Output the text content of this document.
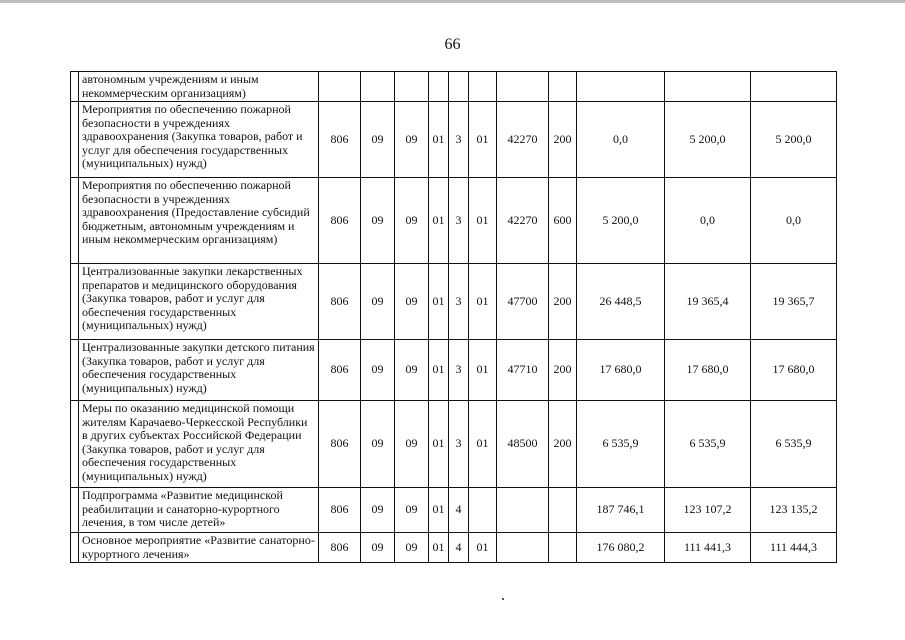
66
	автономным учреждениям и иным некоммерческим организациям)											
	Мероприятия по обеспечению пожарной безопасности в учреждениях здравоохранения (Закупка товаров, работ и услуг для обеспечения государственных (муниципальных) нужд)	806	09	09	01	3	01	42270	200	0,0	5 200,0	5 200,0
	Мероприятия по обеспечению пожарной безопасности в учреждениях здравоохранения (Предоставление субсидий бюджетным, автономным учреждениям и иным некоммерческим организациям)	806	09	09	01	3	01	42270	600	5 200,0	0,0	0,0
	Централизованные закупки лекарственных препаратов и медицинского оборудования (Закупка товаров, работ и услуг для обеспечения государственных (муниципальных) нужд)	806	09	09	01	3	01	47700	200	26 448,5	19 365,4	19 365,7
	Централизованные закупки детского питания (Закупка товаров, работ и услуг для обеспечения государственных (муниципальных) нужд)	806	09	09	01	3	01	47710	200	17 680,0	17 680,0	17 680,0
	Меры по оказанию медицинской помощи жителям Карачаево-Черкесской Республики в других субъектах Российской Федерации (Закупка товаров, работ и услуг для обеспечения государственных (муниципальных) нужд)	806	09	09	01	3	01	48500	200	6 535,9	6 535,9	6 535,9
	Подпрограмма «Развитие медицинской реабилитации и санаторно-курортного лечения, в том числе детей»	806	09	09	01	4				187 746,1	123 107,2	123 135,2
	Основное мероприятие «Развитие санаторно-курортного лечения»	806	09	09	01	4	01			176 080,2	111 441,3	111 444,3
